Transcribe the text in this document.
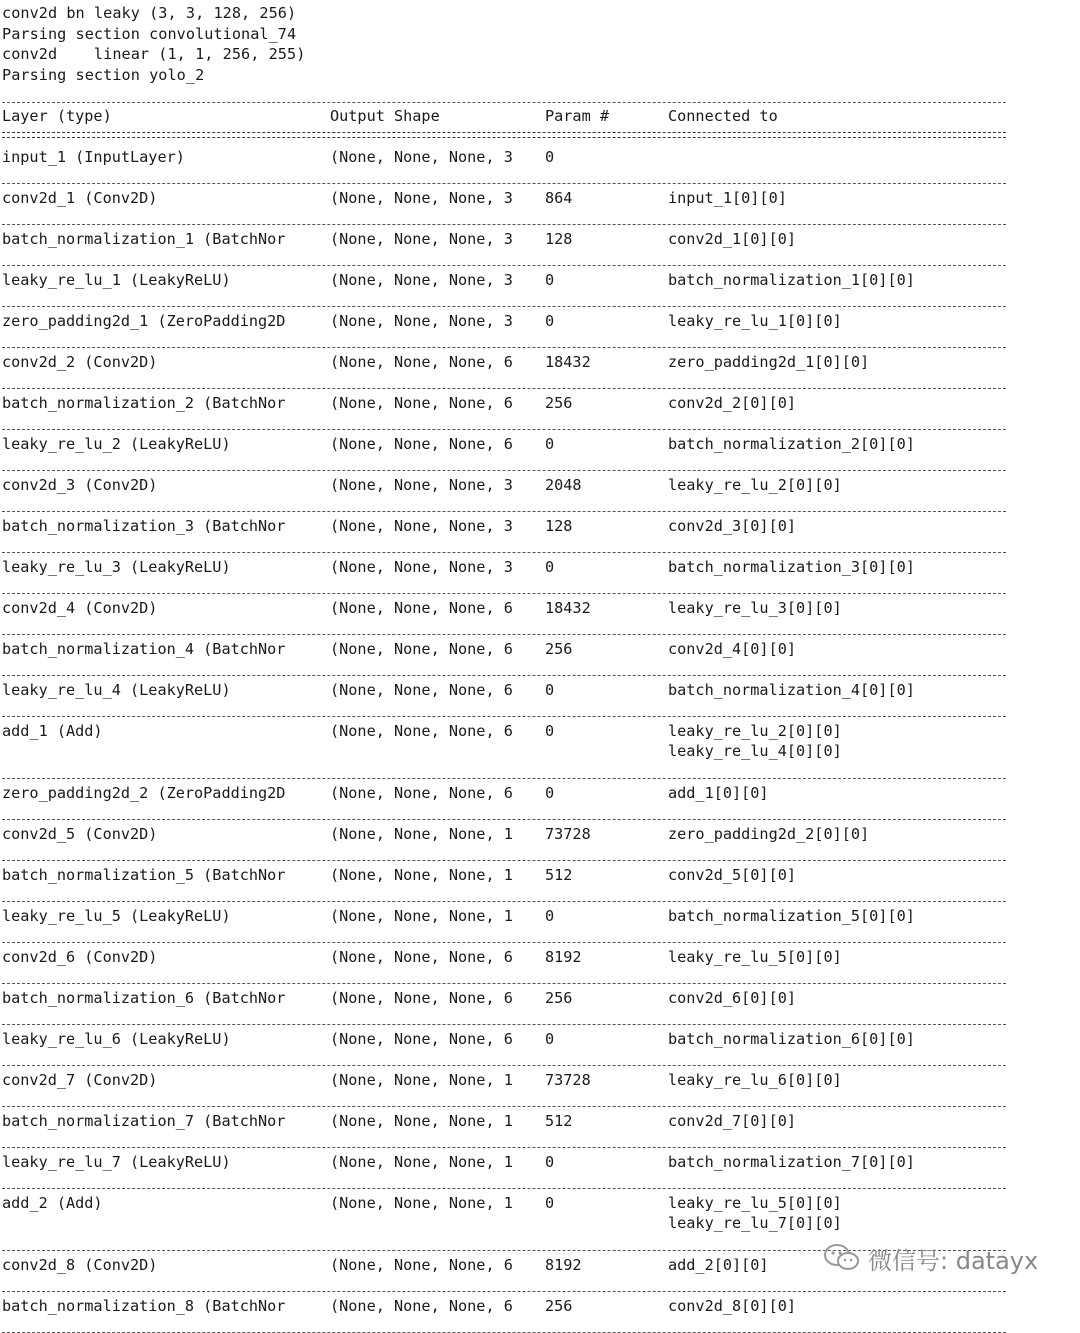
conv2d bn leaky (3, 3, 128, 256)
Parsing section convolutional_74
conv2d    linear (1, 1, 256, 255)
Parsing section yolo_2
Layer (type)	Output Shape	Param #	Connected to
input_1 (InputLayer)	(None, None, None, 3	0
conv2d_1 (Conv2D)	(None, None, None, 3	864	input_1[0][0]
batch_normalization_1 (BatchNor	(None, None, None, 3	128	conv2d_1[0][0]
leaky_re_lu_1 (LeakyReLU)	(None, None, None, 3	0	batch_normalization_1[0][0]
zero_padding2d_1 (ZeroPadding2D	(None, None, None, 3	0	leaky_re_lu_1[0][0]
conv2d_2 (Conv2D)	(None, None, None, 6	18432	zero_padding2d_1[0][0]
batch_normalization_2 (BatchNor	(None, None, None, 6	256	conv2d_2[0][0]
leaky_re_lu_2 (LeakyReLU)	(None, None, None, 6	0	batch_normalization_2[0][0]
conv2d_3 (Conv2D)	(None, None, None, 3	2048	leaky_re_lu_2[0][0]
batch_normalization_3 (BatchNor	(None, None, None, 3	128	conv2d_3[0][0]
leaky_re_lu_3 (LeakyReLU)	(None, None, None, 3	0	batch_normalization_3[0][0]
conv2d_4 (Conv2D)	(None, None, None, 6	18432	leaky_re_lu_3[0][0]
batch_normalization_4 (BatchNor	(None, None, None, 6	256	conv2d_4[0][0]
leaky_re_lu_4 (LeakyReLU)	(None, None, None, 6	0	batch_normalization_4[0][0]
add_1 (Add)	(None, None, None, 6	0	leaky_re_lu_2[0][0]
leaky_re_lu_4[0][0]
zero_padding2d_2 (ZeroPadding2D	(None, None, None, 6	0	add_1[0][0]
conv2d_5 (Conv2D)	(None, None, None, 1	73728	zero_padding2d_2[0][0]
batch_normalization_5 (BatchNor	(None, None, None, 1	512	conv2d_5[0][0]
leaky_re_lu_5 (LeakyReLU)	(None, None, None, 1	0	batch_normalization_5[0][0]
conv2d_6 (Conv2D)	(None, None, None, 6	8192	leaky_re_lu_5[0][0]
batch_normalization_6 (BatchNor	(None, None, None, 6	256	conv2d_6[0][0]
leaky_re_lu_6 (LeakyReLU)	(None, None, None, 6	0	batch_normalization_6[0][0]
conv2d_7 (Conv2D)	(None, None, None, 1	73728	leaky_re_lu_6[0][0]
batch_normalization_7 (BatchNor	(None, None, None, 1	512	conv2d_7[0][0]
leaky_re_lu_7 (LeakyReLU)	(None, None, None, 1	0	batch_normalization_7[0][0]
add_2 (Add)	(None, None, None, 1	0	leaky_re_lu_5[0][0]
leaky_re_lu_7[0][0]
conv2d_8 (Conv2D)	(None, None, None, 6	8192	add_2[0][0]
batch_normalization_8 (BatchNor	(None, None, None, 6	256	conv2d_8[0][0]
微信号: datayx
